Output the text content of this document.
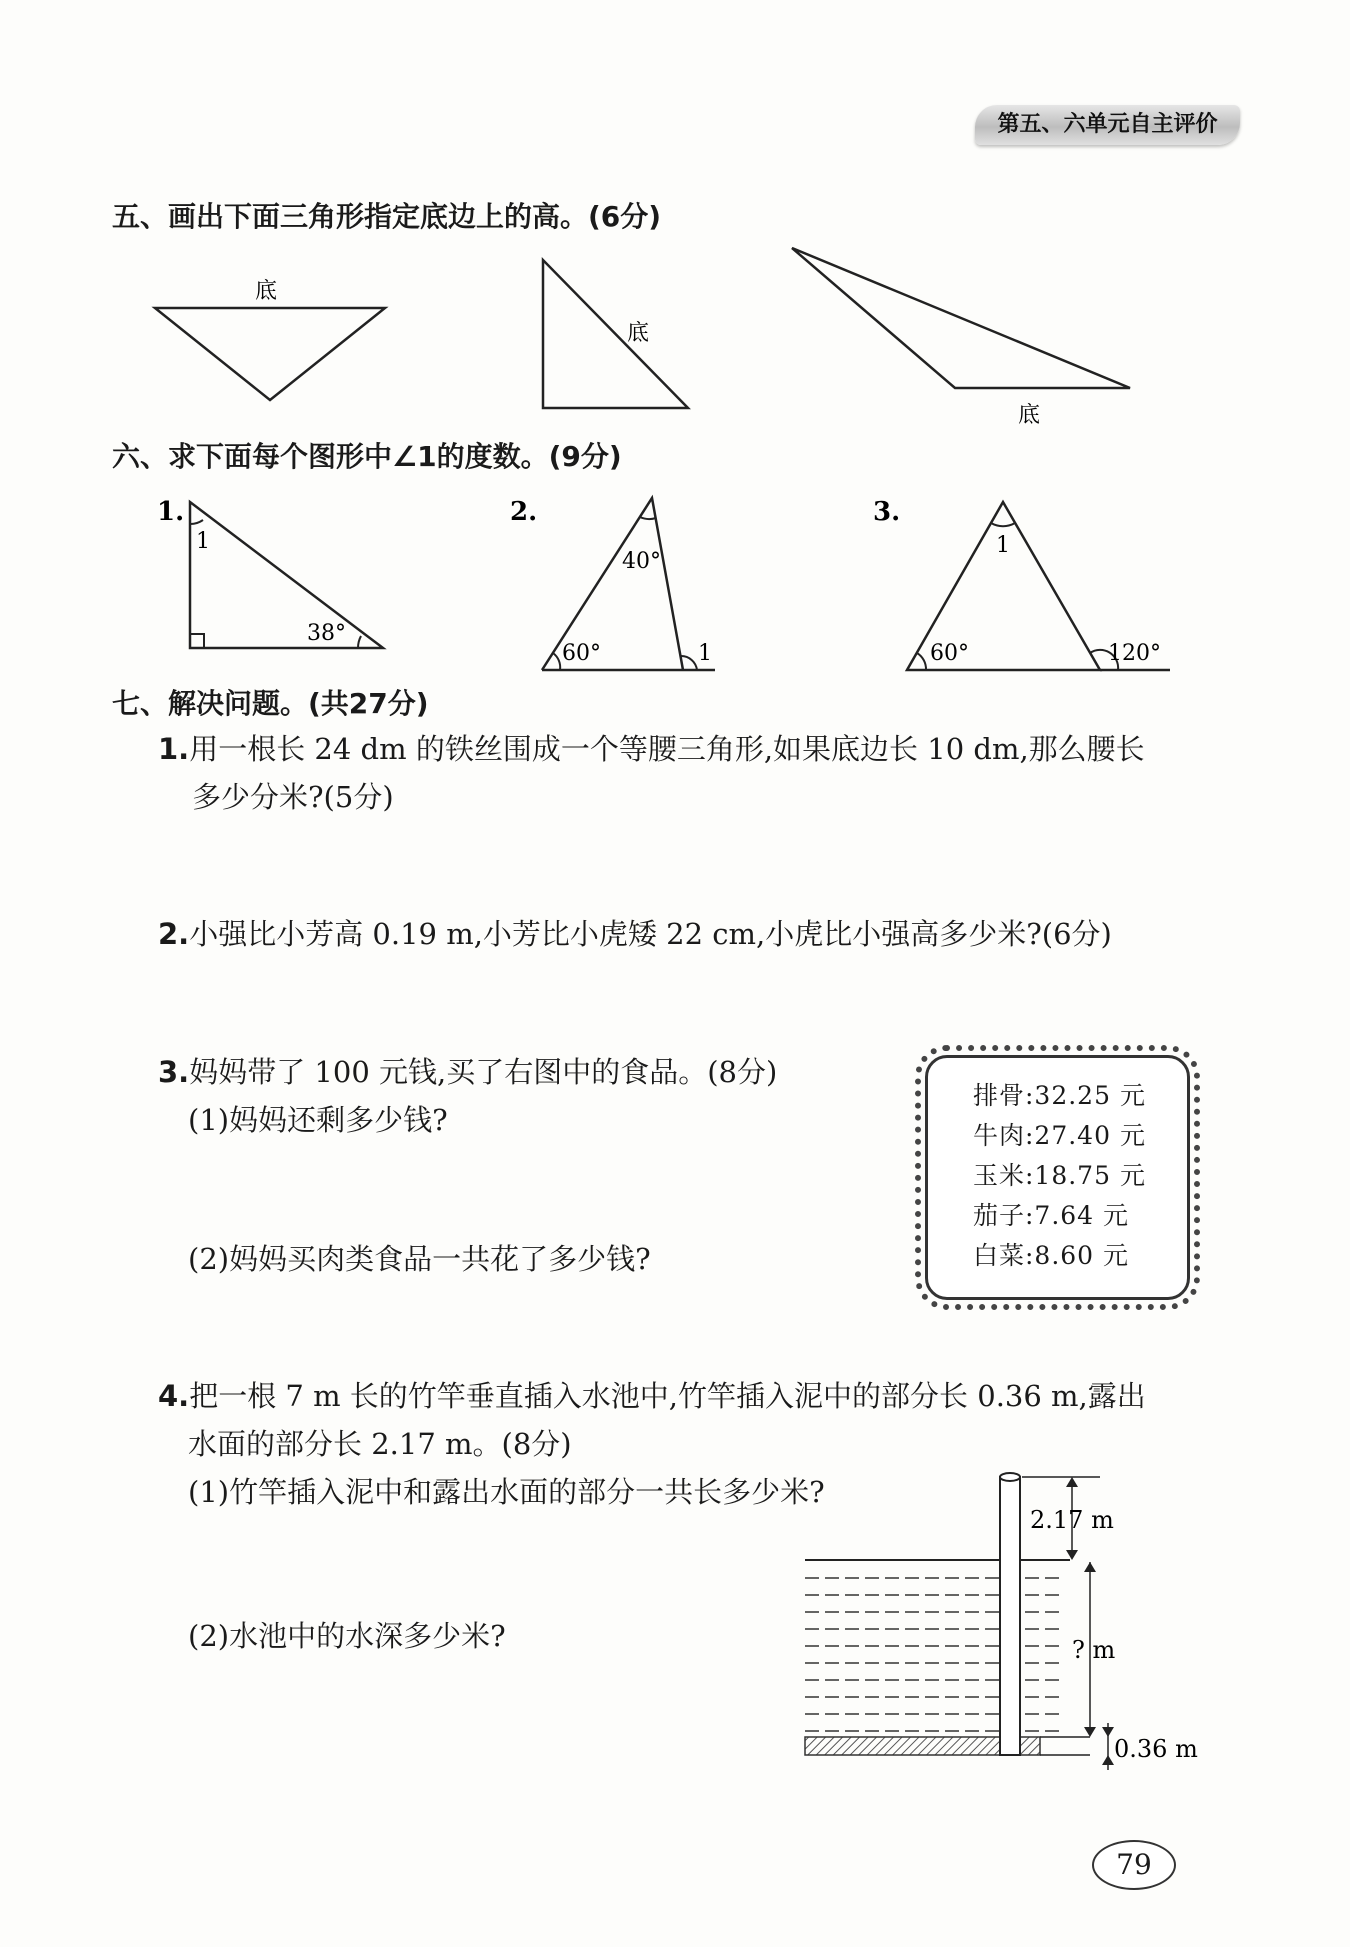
第五、六单元自主评价
五、画出下面三角形指定底边上的高。(6分)
底
底
底
六、求下面每个图形中∠1的度数。(9分)
1.
1
38°
2.
40°
60°	1
3.
1
60°	120°
七、解决问题。(共27分)
1.用一根长 24 dm 的铁丝围成一个等腰三角形,如果底边长 10 dm,那么腰长
多少分米?(5分)
2.小强比小芳高 0.19 m,小芳比小虎矮 22 cm,小虎比小强高多少米?(6分)
3.妈妈带了 100 元钱,买了右图中的食品。(8分)
(1)妈妈还剩多少钱?
(2)妈妈买肉类食品一共花了多少钱?
排骨:32.25 元
牛肉:27.40 元
玉米:18.75 元
茄子:7.64 元
白菜:8.60 元
4.把一根 7 m 长的竹竿垂直插入水池中,竹竿插入泥中的部分长 0.36 m,露出
水面的部分长 2.17 m。(8分)
(1)竹竿插入泥中和露出水面的部分一共长多少米?
(2)水池中的水深多少米?
2.17 m
? m
0.36 m
79
